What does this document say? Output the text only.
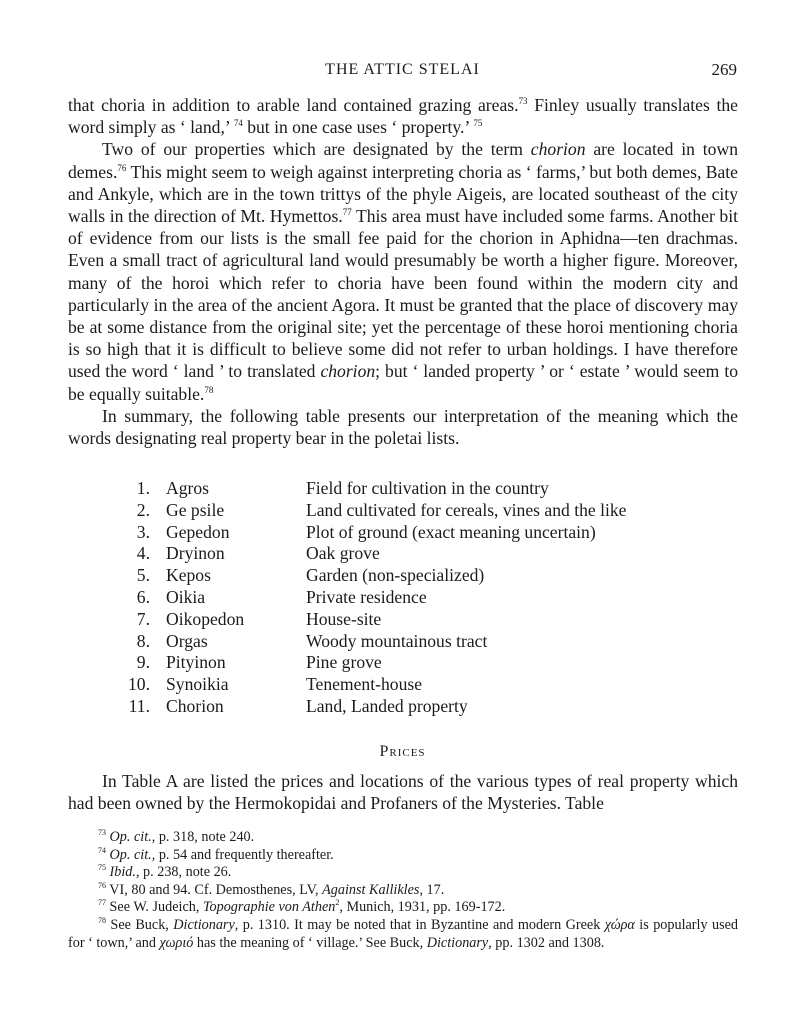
THE ATTIC STELAI	269

that choria in addition to arable land contained grazing areas.$^{73}$ Finley usually translates the word simply as ‘ land,’ $^{74}$ but in one case uses ‘ property.’ $^{75}$

Two of our properties which are designated by the term chorion are located in town demes.$^{76}$ This might seem to weigh against interpreting choria as ‘ farms,’ but both demes, Bate and Ankyle, which are in the town trittys of the phyle Aigeis, are located southeast of the city walls in the direction of Mt. Hymettos.$^{77}$ This area must have included some farms. Another bit of evidence from our lists is the small fee paid for the chorion in Aphidna—ten drachmas. Even a small tract of agricultural land would presumably be worth a higher figure. Moreover, many of the horoi which refer to choria have been found within the modern city and particularly in the area of the ancient Agora. It must be granted that the place of discovery may be at some distance from the original site; yet the percentage of these horoi mentioning choria is so high that it is difficult to believe some did not refer to urban holdings. I have therefore used the word ‘ land ’ to translated chorion; but ‘ landed property ’ or ‘ estate ’ would seem to be equally suitable.$^{78}$

In summary, the following table presents our interpretation of the meaning which the words designating real property bear in the poletai lists.

1. Agros	Field for cultivation in the country
2. Ge psile	Land cultivated for cereals, vines and the like
3. Gepedon	Plot of ground (exact meaning uncertain)
4. Dryinon	Oak grove
5. Kepos	Garden (non-specialized)
6. Oikia	Private residence
7. Oikopedon	House-site
8. Orgas	Woody mountainous tract
9. Pityinon	Pine grove
10. Synoikia	Tenement-house
11. Chorion	Land, Landed property
Prices

In Table A are listed the prices and locations of the various types of real property which had been owned by the Hermokopidai and Profaners of the Mysteries. Table

$^{73}$ Op. cit., p. 318, note 240.

$^{74}$ Op. cit., p. 54 and frequently thereafter.

$^{75}$ Ibid., p. 238, note 26.

$^{76}$ VI, 80 and 94. Cf. Demosthenes, LV, Against Kallikles, 17.

$^{77}$ See W. Judeich, Topographie von Athen$^2$, Munich, 1931, pp. 169-172.

$^{78}$ See Buck, Dictionary, p. 1310. It may be noted that in Byzantine and modern Greek χώρα is popularly used for ‘ town,’ and χωριό has the meaning of ‘ village.’ See Buck, Dictionary, pp. 1302 and 1308.
